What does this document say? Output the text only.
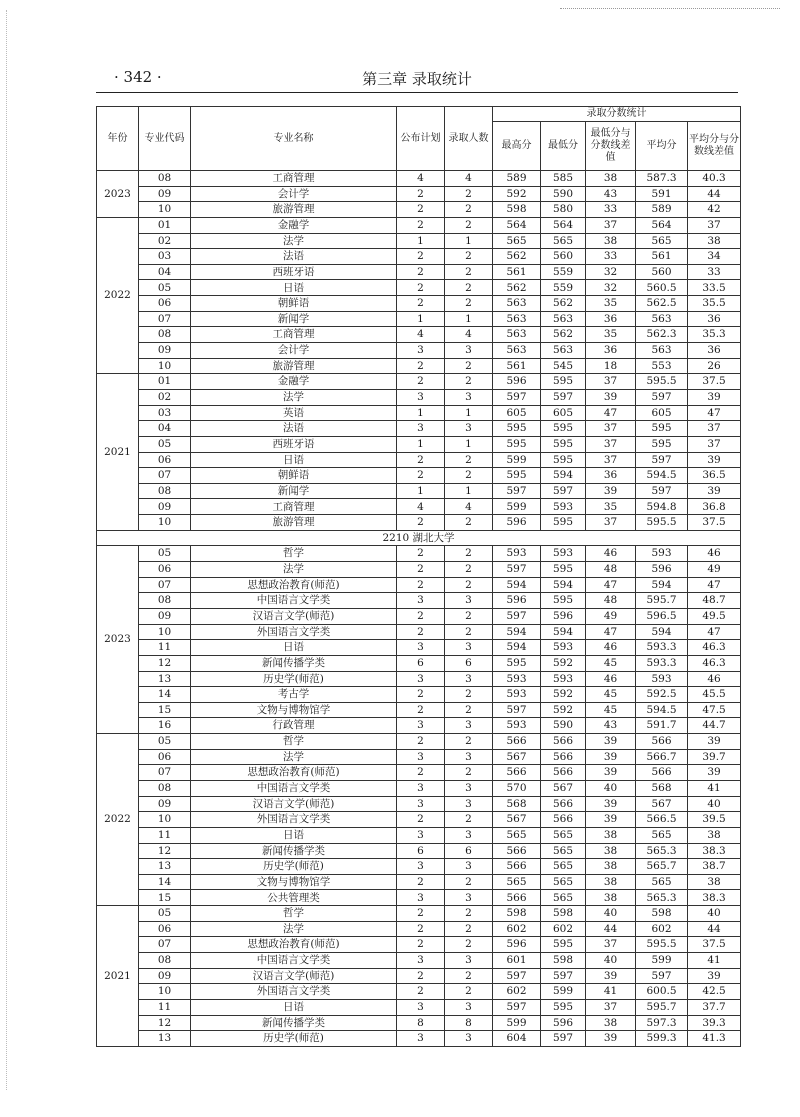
· 342 ·	第三章 录取统计
年份	专业代码	专业名称	公布计划	录取人数	录取分数统计				
					最高分	最低分	最低分与分数线差值	平均分	平均分与分数线差值
2023	08	工商管理	4	4	589	585	38	587.3	40.3
	09	会计学	2	2	592	590	43	591	44
	10	旅游管理	2	2	598	580	33	589	42
2022	01	金融学	2	2	564	564	37	564	37
	02	法学	1	1	565	565	38	565	38
	03	法语	2	2	562	560	33	561	34
	04	西班牙语	2	2	561	559	32	560	33
	05	日语	2	2	562	559	32	560.5	33.5
	06	朝鲜语	2	2	563	562	35	562.5	35.5
	07	新闻学	1	1	563	563	36	563	36
	08	工商管理	4	4	563	562	35	562.3	35.3
	09	会计学	3	3	563	563	36	563	36
	10	旅游管理	2	2	561	545	18	553	26
2021	01	金融学	2	2	596	595	37	595.5	37.5
	02	法学	3	3	597	597	39	597	39
	03	英语	1	1	605	605	47	605	47
	04	法语	3	3	595	595	37	595	37
	05	西班牙语	1	1	595	595	37	595	37
	06	日语	2	2	599	595	37	597	39
	07	朝鲜语	2	2	595	594	36	594.5	36.5
	08	新闻学	1	1	597	597	39	597	39
	09	工商管理	4	4	599	593	35	594.8	36.8
	10	旅游管理	2	2	596	595	37	595.5	37.5
2210 湖北大学									
2023	05	哲学	2	2	593	593	46	593	46
	06	法学	2	2	597	595	48	596	49
	07	思想政治教育(师范)	2	2	594	594	47	594	47
	08	中国语言文学类	3	3	596	595	48	595.7	48.7
	09	汉语言文学(师范)	2	2	597	596	49	596.5	49.5
	10	外国语言文学类	2	2	594	594	47	594	47
	11	日语	3	3	594	593	46	593.3	46.3
	12	新闻传播学类	6	6	595	592	45	593.3	46.3
	13	历史学(师范)	3	3	593	593	46	593	46
	14	考古学	2	2	593	592	45	592.5	45.5
	15	文物与博物馆学	2	2	597	592	45	594.5	47.5
	16	行政管理	3	3	593	590	43	591.7	44.7
2022	05	哲学	2	2	566	566	39	566	39
	06	法学	3	3	567	566	39	566.7	39.7
	07	思想政治教育(师范)	2	2	566	566	39	566	39
	08	中国语言文学类	3	3	570	567	40	568	41
	09	汉语言文学(师范)	3	3	568	566	39	567	40
	10	外国语言文学类	2	2	567	566	39	566.5	39.5
	11	日语	3	3	565	565	38	565	38
	12	新闻传播学类	6	6	566	565	38	565.3	38.3
	13	历史学(师范)	3	3	566	565	38	565.7	38.7
	14	文物与博物馆学	2	2	565	565	38	565	38
	15	公共管理类	3	3	566	565	38	565.3	38.3
2021	05	哲学	2	2	598	598	40	598	40
	06	法学	2	2	602	602	44	602	44
	07	思想政治教育(师范)	2	2	596	595	37	595.5	37.5
	08	中国语言文学类	3	3	601	598	40	599	41
	09	汉语言文学(师范)	2	2	597	597	39	597	39
	10	外国语言文学类	2	2	602	599	41	600.5	42.5
	11	日语	3	3	597	595	37	595.7	37.7
	12	新闻传播学类	8	8	599	596	38	597.3	39.3
	13	历史学(师范)	3	3	604	597	39	599.3	41.3
